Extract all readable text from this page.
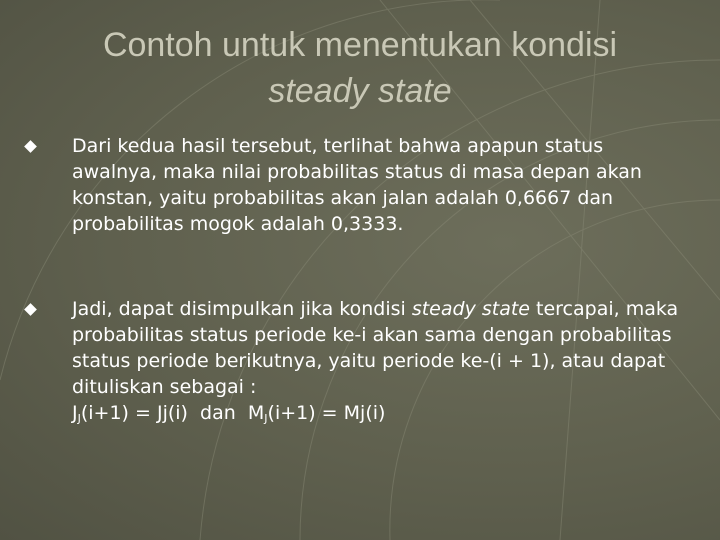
Contoh untuk menentukan kondisi
steady state
Dari kedua hasil tersebut, terlihat bahwa apapun status awalnya, maka nilai probabilitas status di masa depan akan konstan, yaitu probabilitas akan jalan adalah 0,6667 dan probabilitas mogok adalah 0,3333.
Jadi, dapat disimpulkan jika kondisi steady state tercapai, maka probabilitas status periode ke-i akan sama dengan probabilitas status periode berikutnya, yaitu periode ke-(i + 1), atau dapat dituliskan sebagai :
$J_J(i+1) = Jj(i)$  dan  $M_J(i+1) = Mj(i)$
